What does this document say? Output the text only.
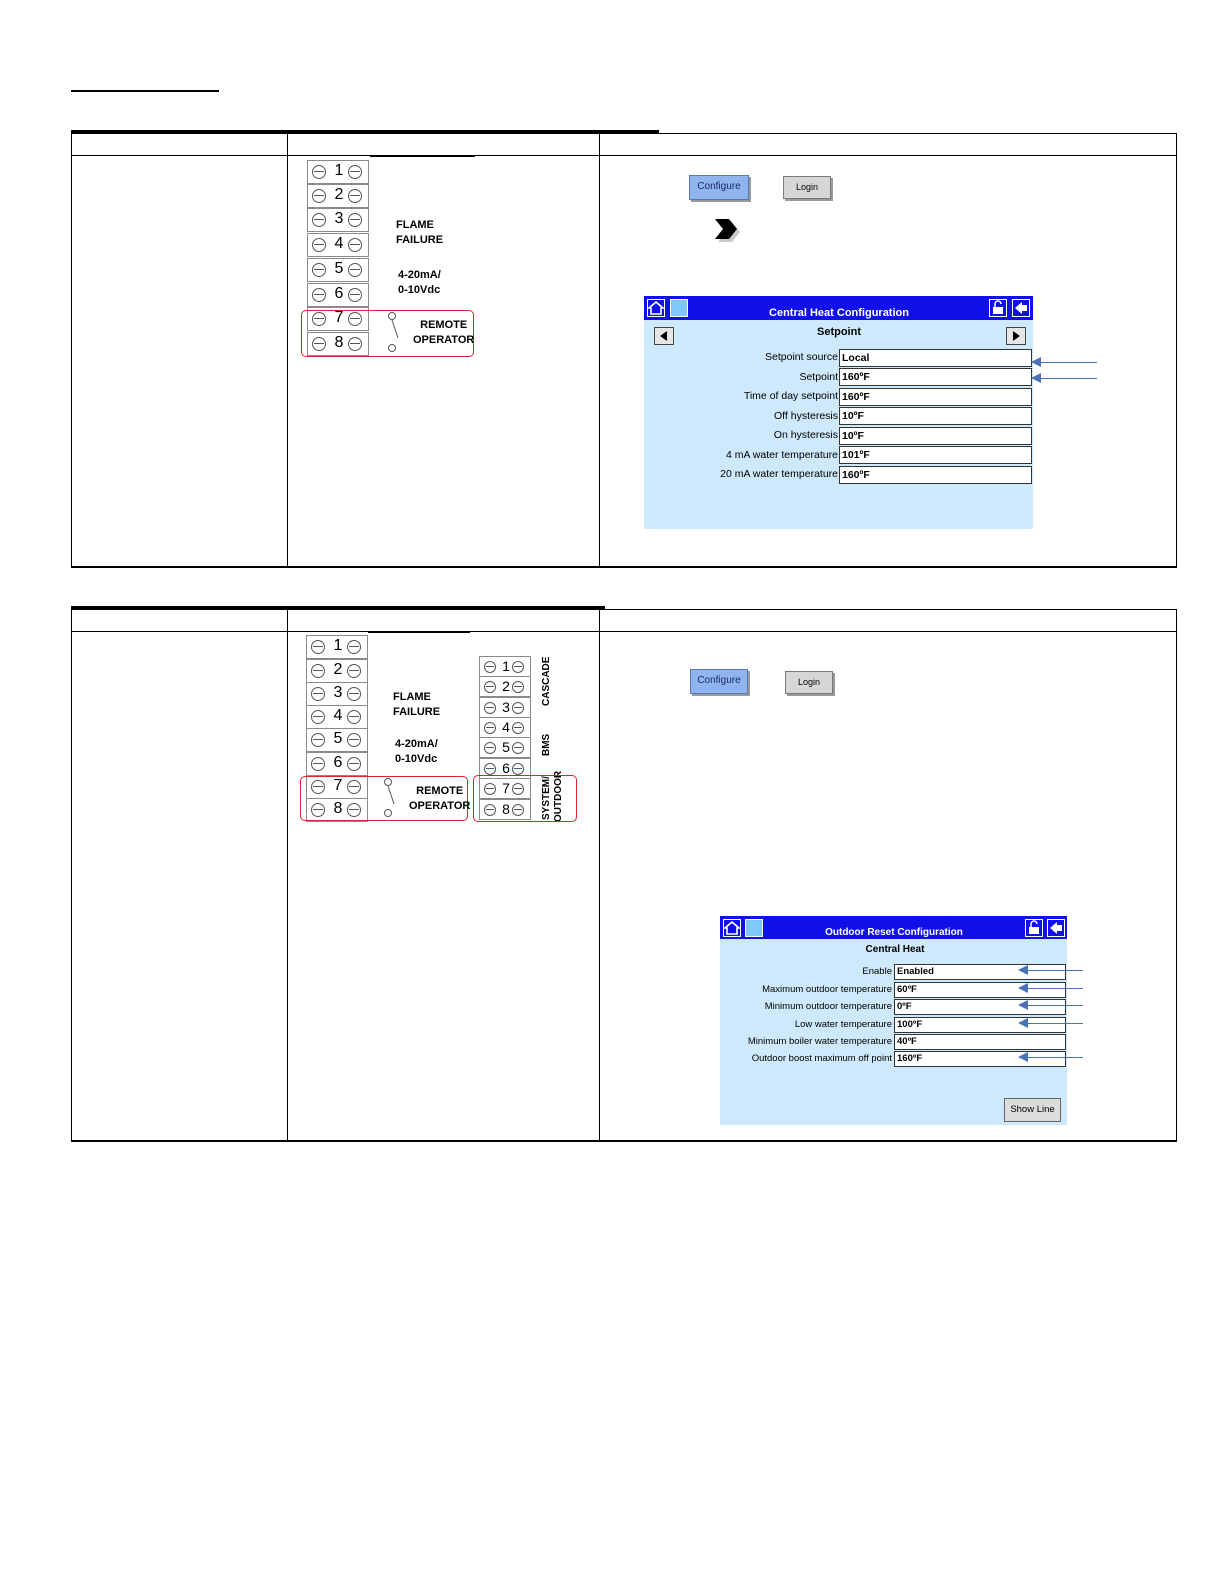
1
2
3
4
5
6
7
8
FLAME
FAILURE
4-20mA/
0-10Vdc
REMOTE
OPERATOR
Configure	Login
Central Heat Configuration
Setpoint
Setpoint source Local
Setpoint 160ºF
Time of day setpoint 160ºF
Off hysteresis 10ºF
On hysteresis 10ºF
4 mA water temperature 101ºF
20 mA water temperature 160ºF
1
2
3
4
5
6
7
8
FLAME
FAILURE
4-20mA/
0-10Vdc
REMOTE
OPERATOR
1
2
3
4
5
6
7
8
CASCADE
BMS
SYSTEM/ OUTDOOR
Configure	Login
Outdoor Reset Configuration
Central Heat
Enable Enabled
Maximum outdoor temperature 60ºF
Minimum outdoor temperature 0ºF
Low water temperature 100ºF
Minimum boiler water temperature 40ºF
Outdoor boost maximum off point 160ºF
Show Line
